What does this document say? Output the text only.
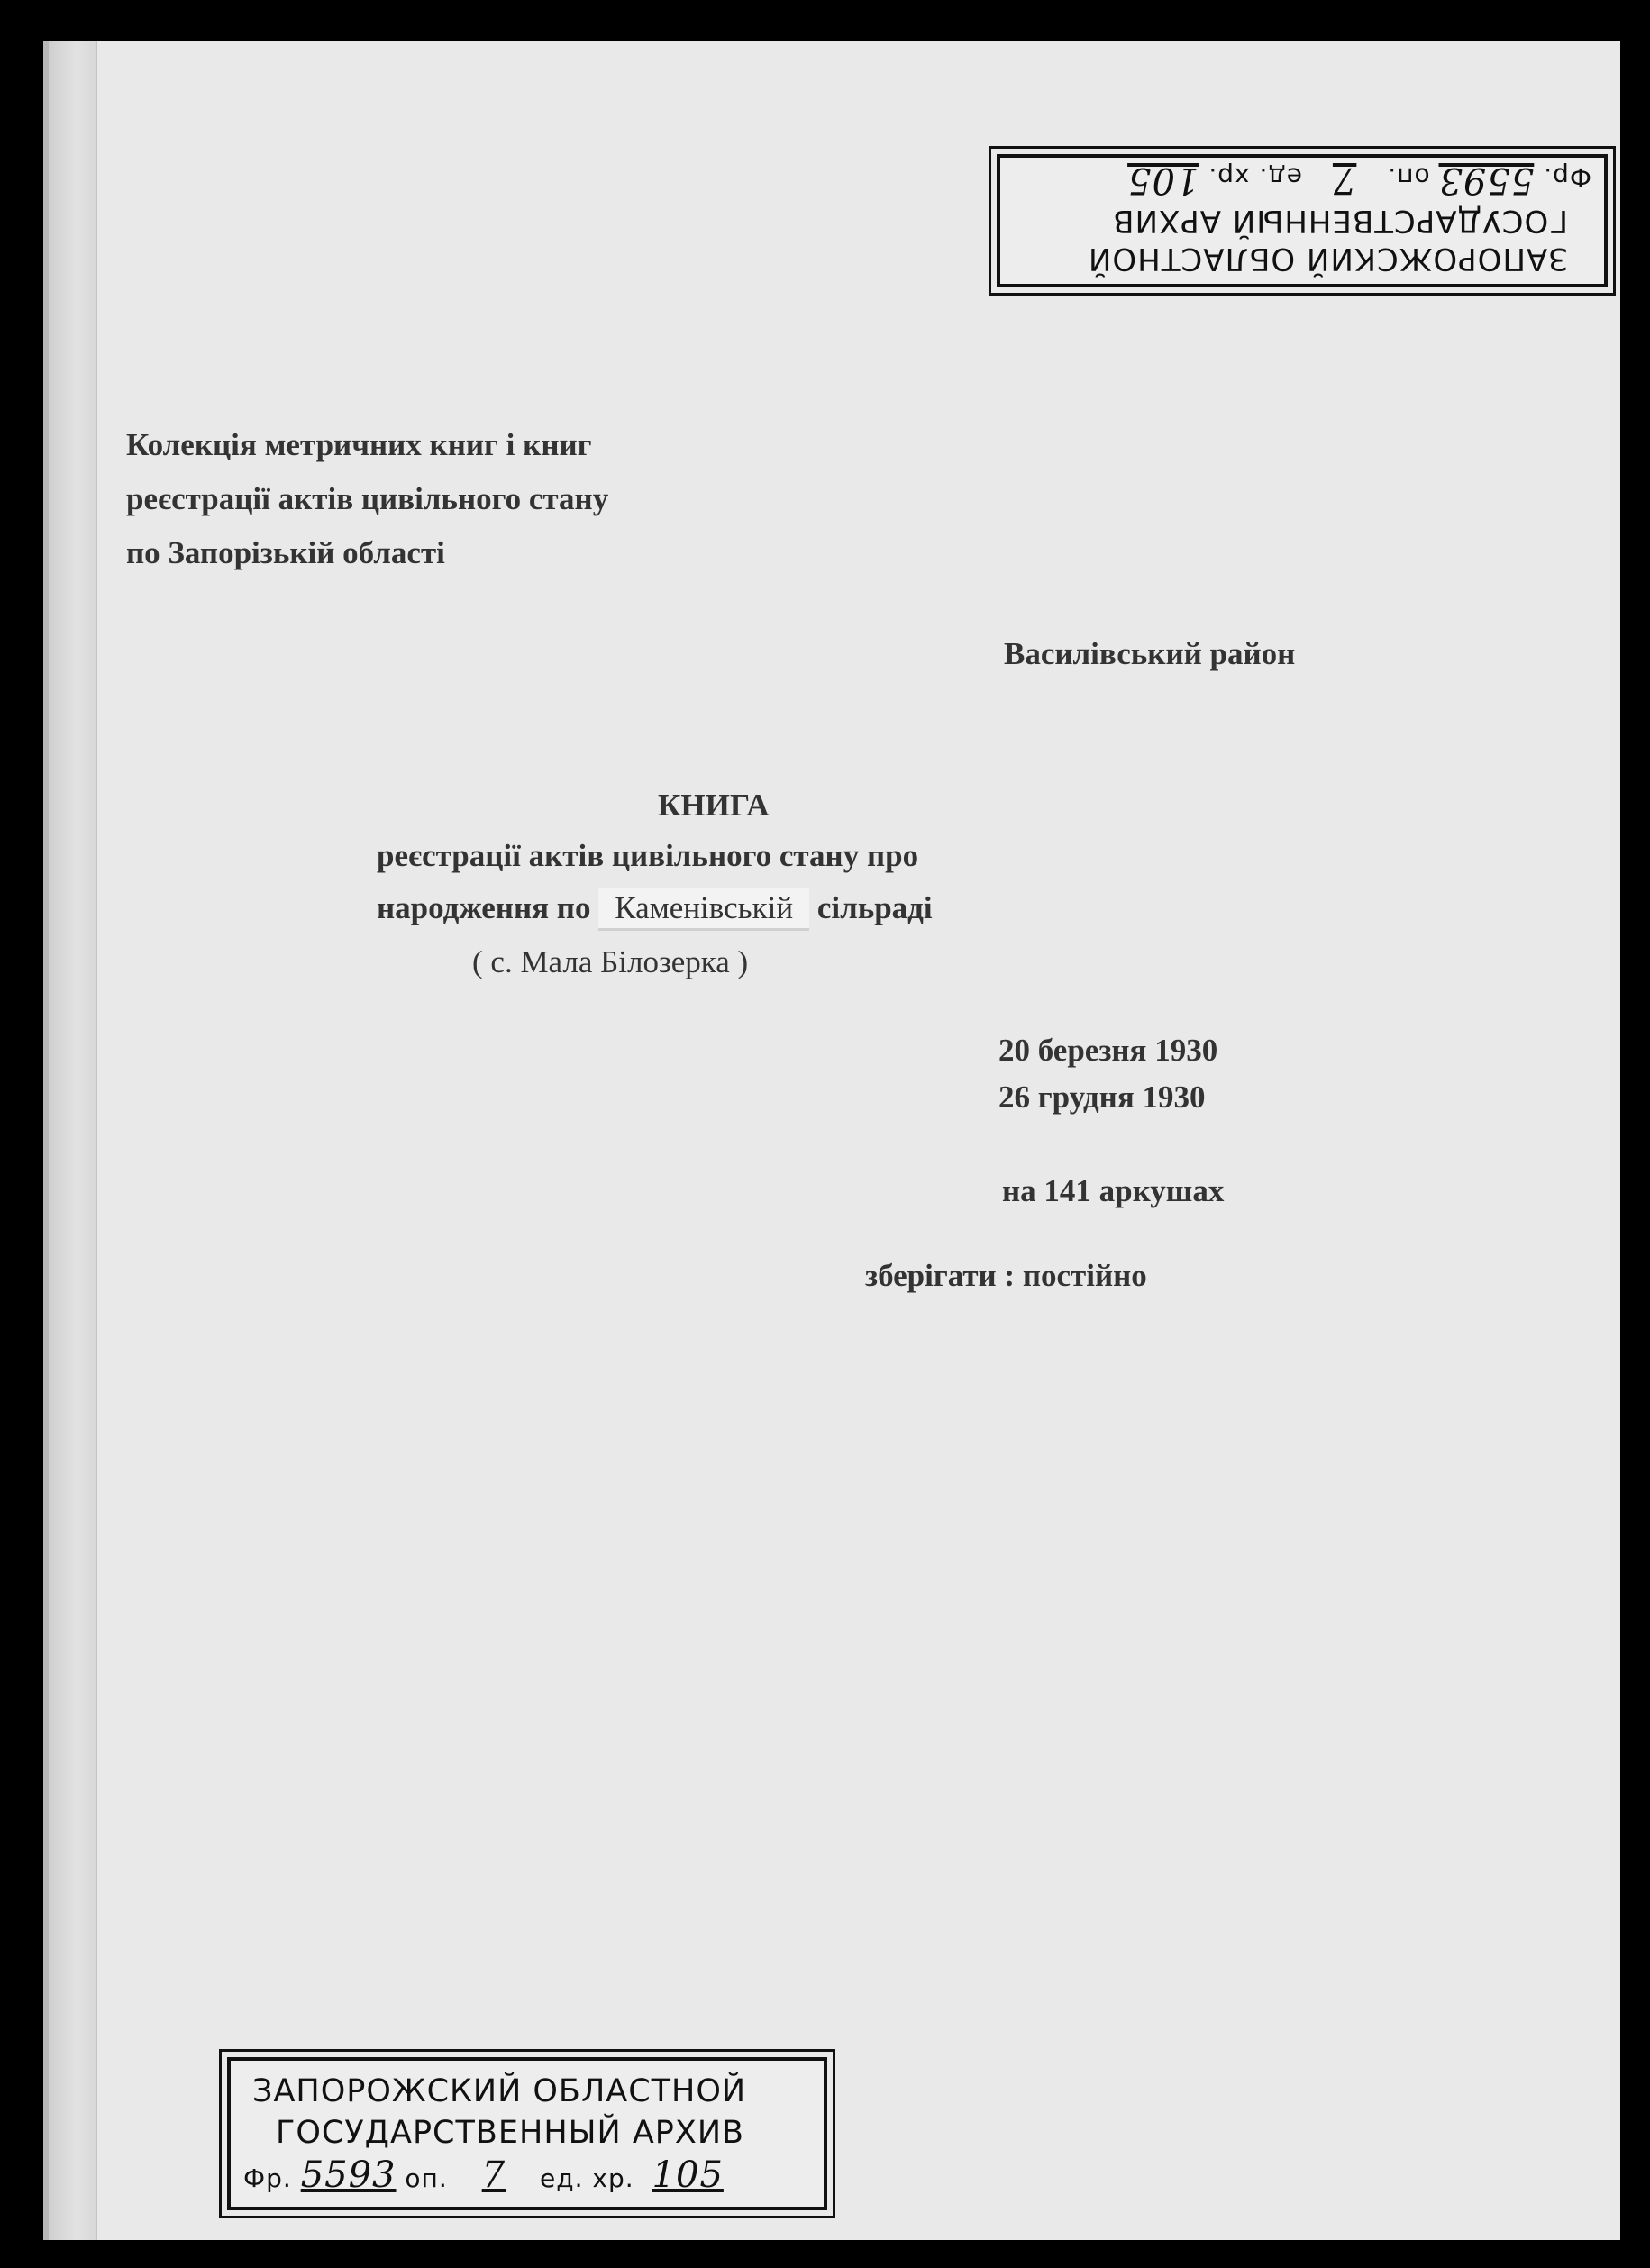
ЗАПОРОЖСКИЙ ОБЛАСТНОЙ
ГОСУДАРСТВЕННЫЙ АРХИВ
Фр. 5593 оп. 7 ед. хр. 105
Колекція метричних книг і книг
реєстрації актів цивільного стану
по Запорізькій області
Василівський район
КНИГА
реєстрації актів цивільного стану про
народження по Каменівській сільраді
( с. Мала Білозерка )
20 березня 1930
26 грудня 1930
на 141 аркушах
зберігати : постійно
ЗАПОРОЖСКИЙ ОБЛАСТНОЙ
ГОСУДАРСТВЕННЫЙ АРХИВ
Фр. 5593 оп. 7 ед. хр. 105
